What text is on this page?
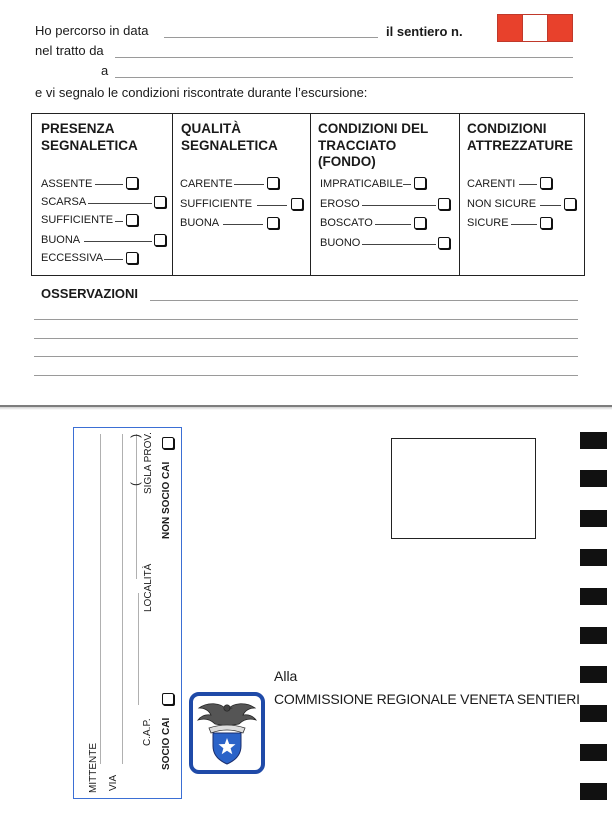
Ho percorso in data	il sentiero n.
nel tratto da
a
e vi segnalo le condizioni riscontrate durante l’escursione:
PRESENZA
SEGNALETICA
ASSENTE
SCARSA
SUFFICIENTE
BUONA
ECCESSIVA
QUALITÀ
SEGNALETICA
CARENTE
SUFFICIENTE
BUONA
CONDIZIONI DEL
TRACCIATO
(FONDO)
IMPRATICABILE
EROSO
BOSCATO
BUONO
CONDIZIONI
ATTREZZATURE
CARENTI
NON SICURE
SICURE
OSSERVAZIONI
MITTENTE VIA
C.A.P.
LOCALITÀ
SIGLA PROV.
(
)
SOCIO CAI
NON SOCIO CAI
Alla
COMMISSIONE REGIONALE VENETA SENTIERI
